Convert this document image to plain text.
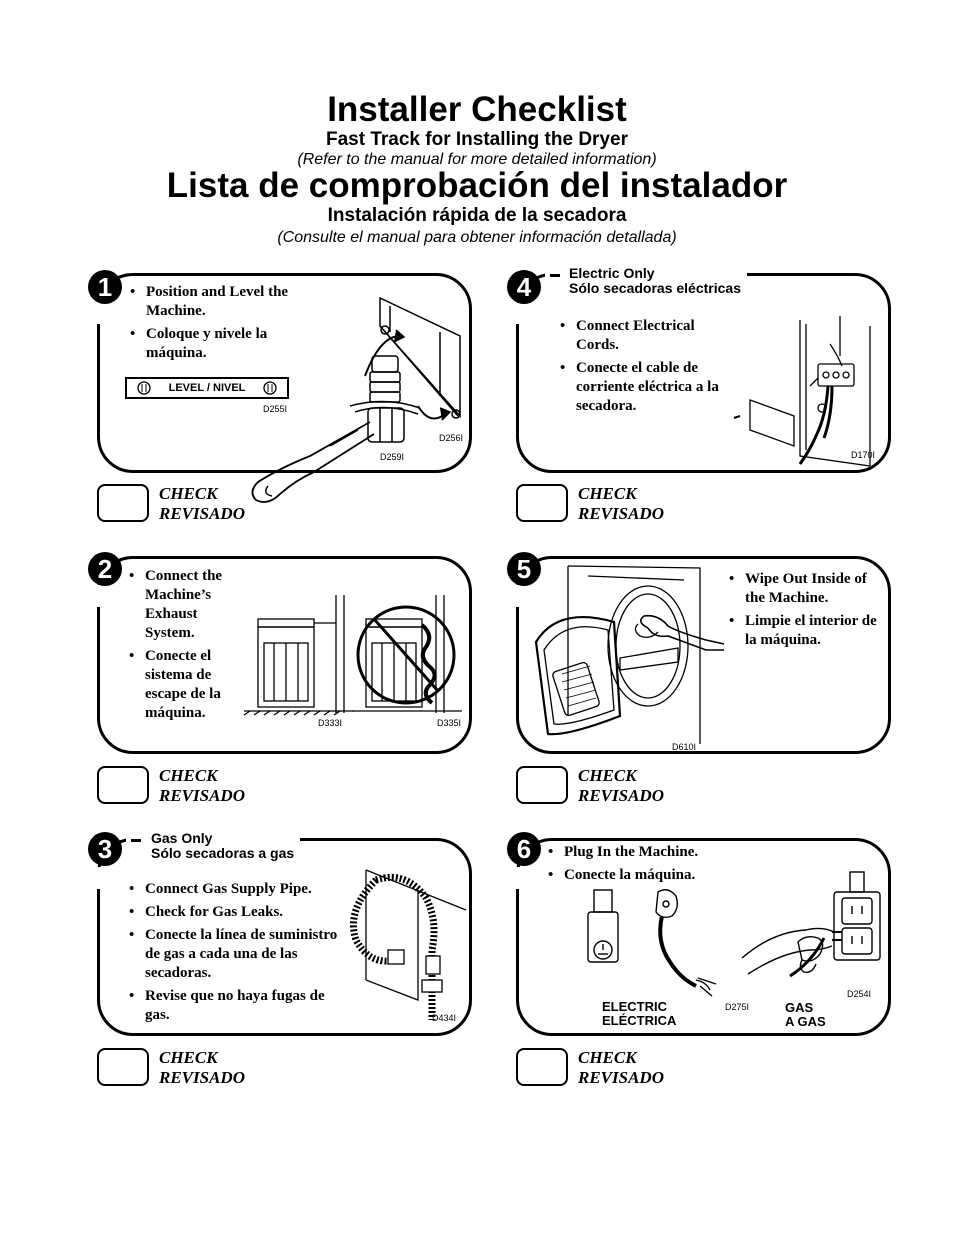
Installer Checklist
Fast Track for Installing the Dryer
(Refer to the manual for more detailed information)
Lista de comprobación del instalador
Instalación rápida de la secadora
(Consulte el manual para obtener información detallada)
1	• Position and Level the Machine.
• Coloque y nivele la máquina.
LEVEL / NIVEL
D255I
D256I
D259I
CHECK
REVISADO
2	• Connect the Machine’s Exhaust System.
• Conecte el sistema de escape de la máquina.
D333I	D335I
CHECK
REVISADO
3	Gas Only
Sólo secadoras a gas
• Connect Gas Supply Pipe.
• Check for Gas Leaks.
• Conecte la línea de suministro de gas a cada una de las secadoras.
• Revise que no haya fugas de gas.	D434I
CHECK
REVISADO
4	Electric Only
Sólo secadoras eléctricas
• Connect Electrical Cords.
• Conecte el cable de corriente eléctrica a la secadora.
D170I
CHECK
REVISADO
5	• Wipe Out Inside of the Machine.
• Limpie el interior de la máquina.
D610I
CHECK
REVISADO
6	• Plug In the Machine.
• Conecte la máquina.
ELECTRIC
ELÉCTRICA
GAS
A GAS
D275I
D254I
CHECK
REVISADO
